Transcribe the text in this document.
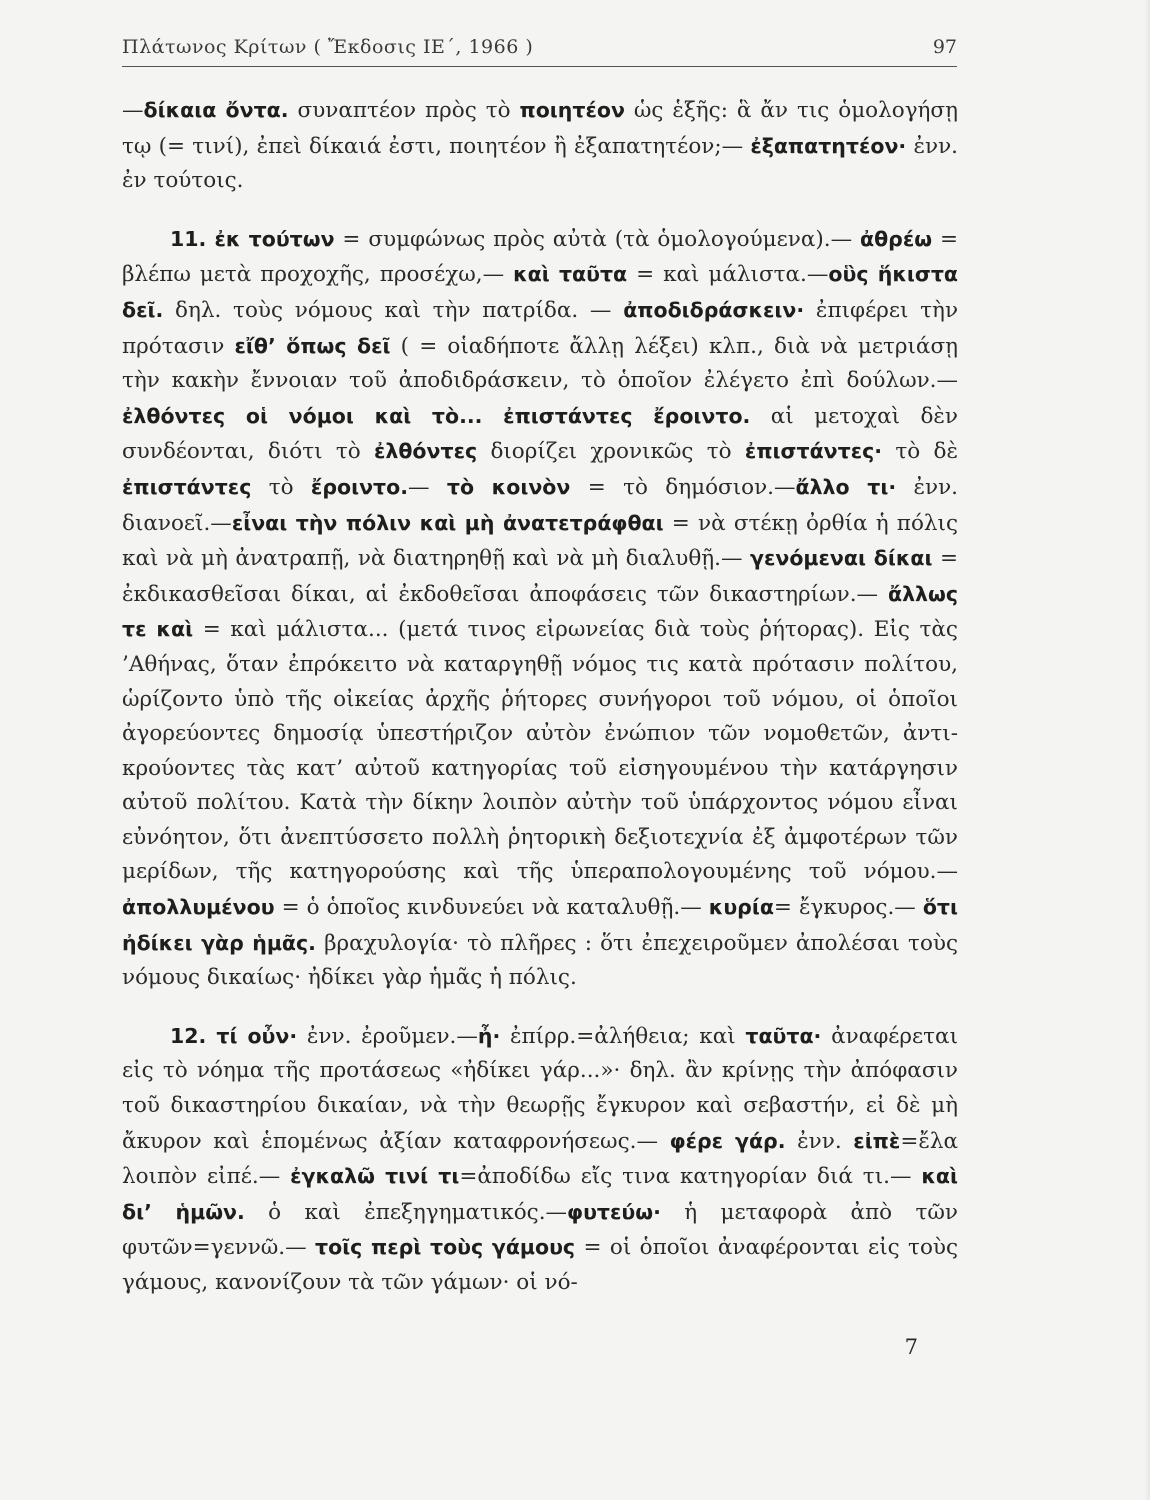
Πλάτωνος Κρίτων ( Ἔκδοσις ΙΕ΄, 1966 )	97

—δίκαια ὄντα. συναπτέον πρὸς τὸ ποιητέον ὡς ἑξῆς: ἃ ἄν τις ὁμολογήσῃ τῳ (= τινί), ἐπεὶ δίκαιά ἐστι, ποιητέον ἢ ἐξαπατητέον;— ἐξαπατητέον· ἐνν. ἐν τούτοις.

11. ἐκ τούτων = συμφώνως πρὸς αὐτὰ (τὰ ὁμολογούμενα).— ἀθρέω = βλέπω μετὰ προχοχῆς, προσέχω,— καὶ ταῦτα = καὶ μάλιστα.—οὓς ἥκιστα δεῖ. δηλ. τοὺς νόμους καὶ τὴν πατρίδα. — ἀποδιδράσκειν· ἐπιφέρει τὴν πρότασιν εἴθ’ ὅπως δεῖ ( = οἱαδήποτε ἄλλῃ λέξει) κλπ., διὰ νὰ μετριάσῃ τὴν κακὴν ἔννοιαν τοῦ ἀποδιδράσκειν, τὸ ὁποῖον ἐλέγετο ἐπὶ δούλων.— ἐλθόντες οἱ νόμοι καὶ τὸ... ἐπιστάντες ἔροιντο. αἱ μετοχαὶ δὲν συνδέονται, διότι τὸ ἐλθόντες διορίζει χρονικῶς τὸ ἐπιστάντες· τὸ δὲ ἐπιστάντες τὸ ἔροιντο.— τὸ κοινὸν = τὸ δημόσιον.—ἄλλο τι· ἐνν. διανοεῖ.—εἶναι τὴν πόλιν καὶ μὴ ἀνατετράφθαι = νὰ στέκῃ ὀρθία ἡ πόλις καὶ νὰ μὴ ἀνατραπῇ, νὰ διατηρηθῇ καὶ νὰ μὴ διαλυθῇ.— γενόμεναι δίκαι = ἐκδικασθεῖσαι δίκαι, αἱ ἐκδοθεῖσαι ἀποφάσεις τῶν δικαστηρίων.— ἄλλως τε καὶ = καὶ μάλιστα... (μετά τινος εἰρωνείας διὰ τοὺς ῥήτορας). Εἰς τὰς ’Αθήνας, ὅταν ἐπρόκειτο νὰ καταργηθῇ νόμος τις κατὰ πρότασιν πολίτου, ὡρίζοντο ὑπὸ τῆς οἰκείας ἀρχῆς ῥήτορες συνήγοροι τοῦ νόμου, οἱ ὁποῖοι ἀγορεύοντες δημοσίᾳ ὑπεστήριζον αὐτὸν ἐνώπιον τῶν νομοθετῶν, ἀντικρούοντες τὰς κατ’ αὐτοῦ κατηγορίας τοῦ εἰσηγουμένου τὴν κατάργησιν αὐτοῦ πολίτου. Κατὰ τὴν δίκην λοιπὸν αὐτὴν τοῦ ὑπάρχοντος νόμου εἶναι εὐνόητον, ὅτι ἀνεπτύσσετο πολλὴ ῥητορικὴ δεξιοτεχνία ἐξ ἀμφοτέρων τῶν μερίδων, τῆς κατηγορούσης καὶ τῆς ὑπεραπολογουμένης τοῦ νόμου.— ἀπολλυμένου = ὁ ὁποῖος κινδυνεύει νὰ καταλυθῇ.— κυρία= ἔγκυρος.— ὅτι ἠδίκει γὰρ ἡμᾶς. βραχυλογία· τὸ πλῆρες : ὅτι ἐπεχειροῦμεν ἀπολέσαι τοὺς νόμους δικαίως· ἠδίκει γὰρ ἡμᾶς ἡ πόλις.

12. τί οὖν· ἐνν. ἐροῦμεν.—ἦ· ἐπίρρ.=ἀλήθεια; καὶ ταῦτα· ἀναφέρεται εἰς τὸ νόημα τῆς προτάσεως «ἠδίκει γάρ...»· δηλ. ἂν κρίνῃς τὴν ἀπόφασιν τοῦ δικαστηρίου δικαίαν, νὰ τὴν θεωρῇς ἔγκυρον καὶ σεβαστήν, εἰ δὲ μὴ ἄκυρον καὶ ἑπομένως ἀξίαν καταφρονήσεως.— φέρε γάρ. ἐνν. εἰπὲ=ἔλα λοιπὸν εἰπέ.— ἐγκαλῶ τινί τι=ἀποδίδω εἴς τινα κατηγορίαν διά τι.— καὶ δι’ ἡμῶν. ὁ καὶ ἐπεξηγηματικός.—φυτεύω· ἡ μεταφορὰ ἀπὸ τῶν φυτῶν=γεννῶ.— τοῖς περὶ τοὺς γάμους = οἱ ὁποῖοι ἀναφέρονται εἰς τοὺς γάμους, κανονίζουν τὰ τῶν γάμων· οἱ νό-

7
